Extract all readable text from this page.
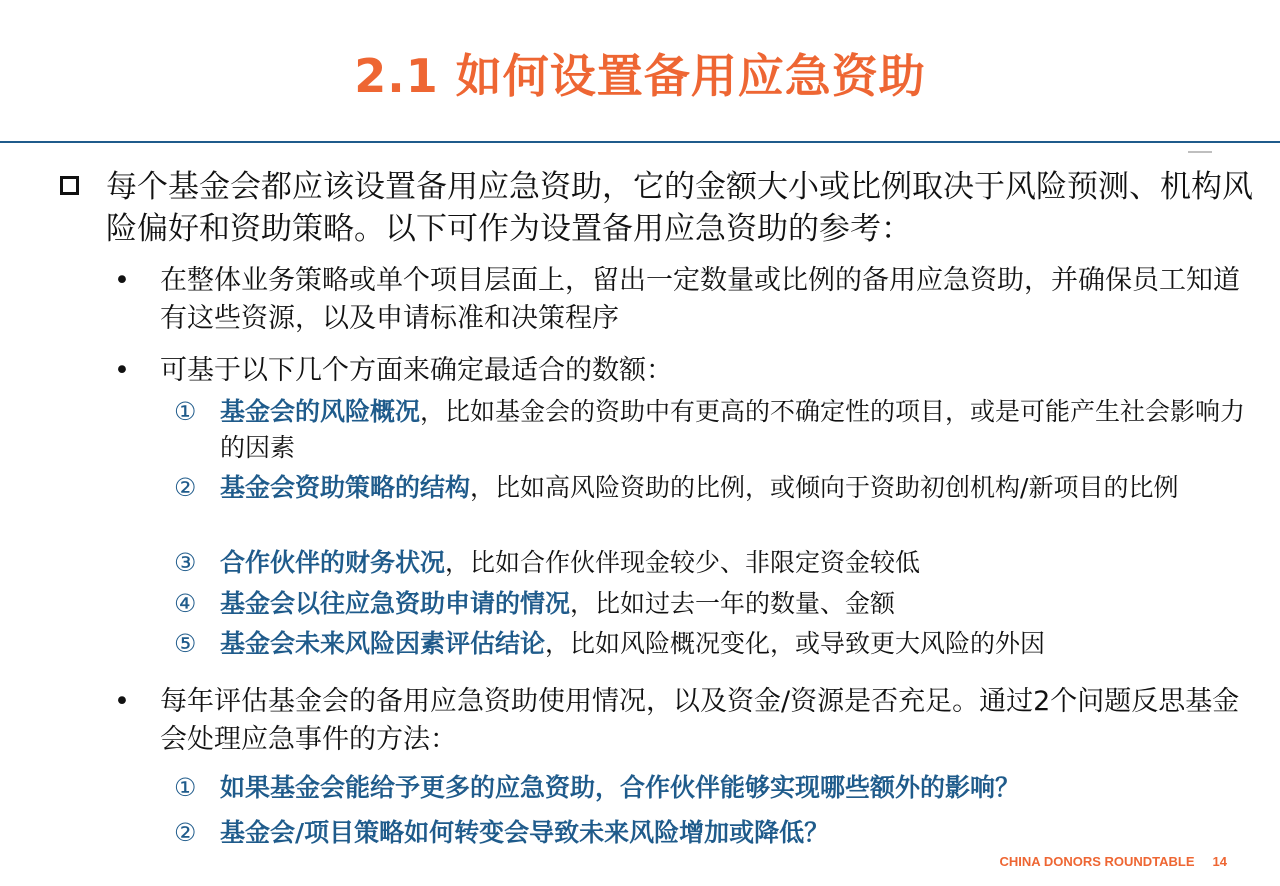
2.1 如何设置备用应急资助
每个基金会都应该设置备用应急资助，它的金额大小或比例取决于风险预测、机构风险偏好和资助策略。以下可作为设置备用应急资助的参考：
• 在整体业务策略或单个项目层面上，留出一定数量或比例的备用应急资助，并确保员工知道有这些资源，以及申请标准和决策程序
• 可基于以下几个方面来确定最适合的数额：
① 基金会的风险概况，比如基金会的资助中有更高的不确定性的项目，或是可能产生社会影响力的因素
② 基金会资助策略的结构，比如高风险资助的比例，或倾向于资助初创机构/新项目的比例
③ 合作伙伴的财务状况，比如合作伙伴现金较少、非限定资金较低
④ 基金会以往应急资助申请的情况，比如过去一年的数量、金额
⑤ 基金会未来风险因素评估结论，比如风险概况变化，或导致更大风险的外因
• 每年评估基金会的备用应急资助使用情况，以及资金/资源是否充足。通过2个问题反思基金会处理应急事件的方法：
① 如果基金会能给予更多的应急资助，合作伙伴能够实现哪些额外的影响？
② 基金会/项目策略如何转变会导致未来风险增加或降低？
CHINA DONORS ROUNDTABLE 14
